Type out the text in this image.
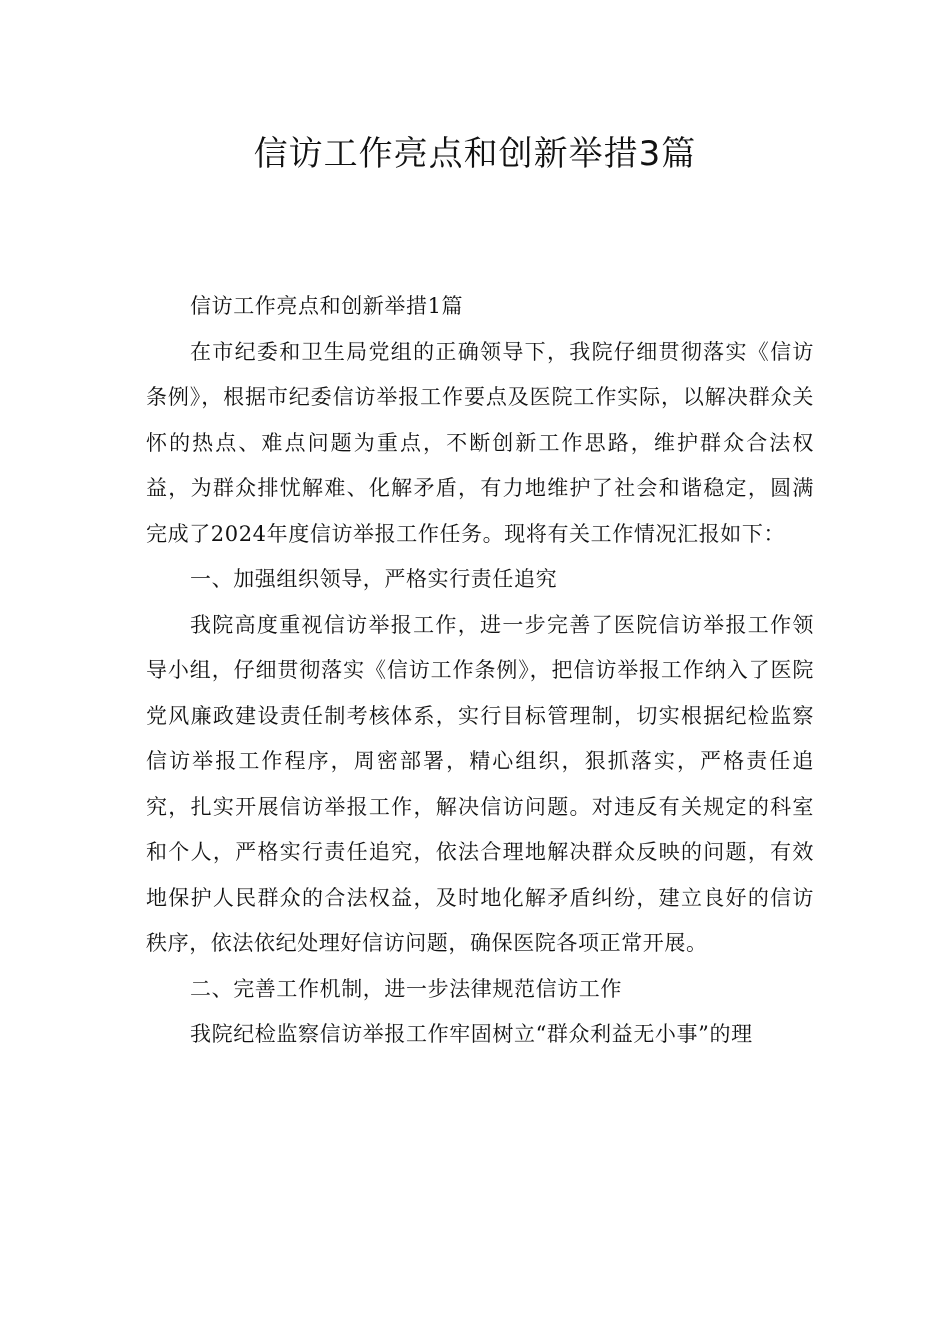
信访工作亮点和创新举措3篇

信访工作亮点和创新举措1篇

在市纪委和卫生局党组的正确领导下，我院仔细贯彻落实《信访条例》，根据市纪委信访举报工作要点及医院工作实际，以解决群众关怀的热点、难点问题为重点，不断创新工作思路，维护群众合法权益，为群众排忧解难、化解矛盾，有力地维护了社会和谐稳定，圆满完成了2024年度信访举报工作任务。现将有关工作情况汇报如下：

一、加强组织领导，严格实行责任追究

我院高度重视信访举报工作，进一步完善了医院信访举报工作领导小组，仔细贯彻落实《信访工作条例》，把信访举报工作纳入了医院党风廉政建设责任制考核体系，实行目标管理制，切实根据纪检监察信访举报工作程序，周密部署，精心组织，狠抓落实，严格责任追究，扎实开展信访举报工作，解决信访问题。对违反有关规定的科室和个人，严格实行责任追究，依法合理地解决群众反映的问题，有效地保护人民群众的合法权益，及时地化解矛盾纠纷，建立良好的信访秩序，依法依纪处理好信访问题，确保医院各项正常开展。

二、完善工作机制，进一步法律规范信访工作

我院纪检监察信访举报工作牢固树立“群众利益无小事”的理
